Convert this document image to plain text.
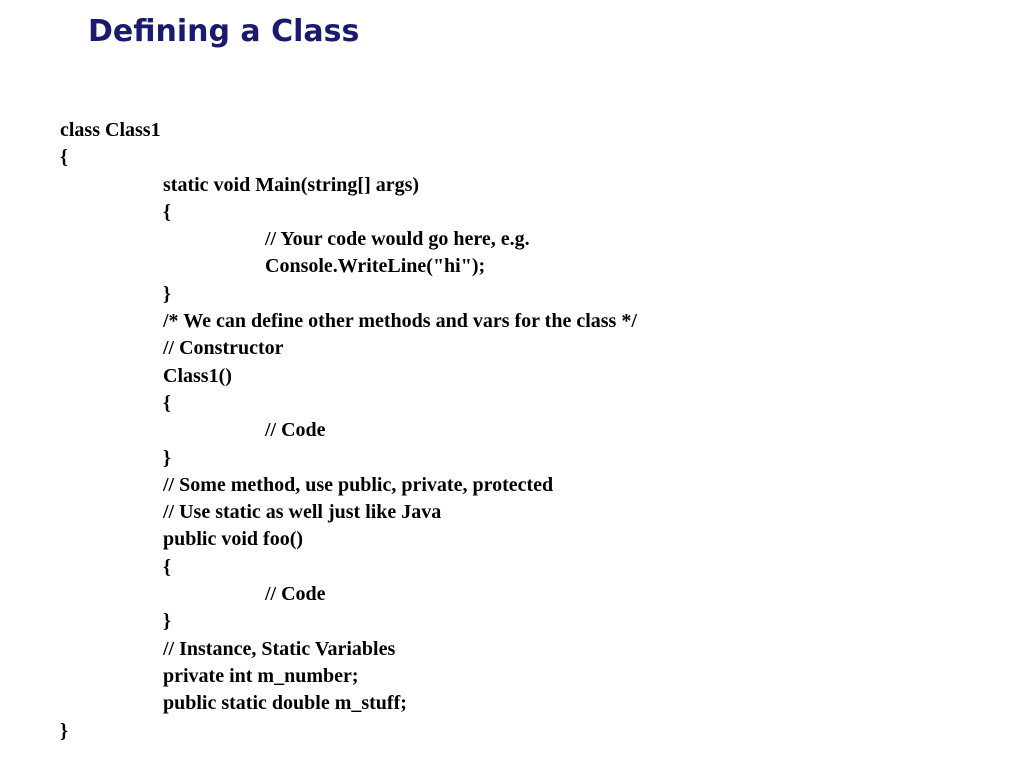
Defining a Class
class Class1
{
static void Main(string[] args)
{
// Your code would go here, e.g.
Console.WriteLine("hi");
}
/* We can define other methods and vars for the class */
// Constructor
Class1()
{
// Code
}
// Some method, use public, private, protected
// Use static as well just like Java
public void foo()
{
// Code
}
// Instance, Static Variables
private int m_number;
public static double m_stuff;
}
